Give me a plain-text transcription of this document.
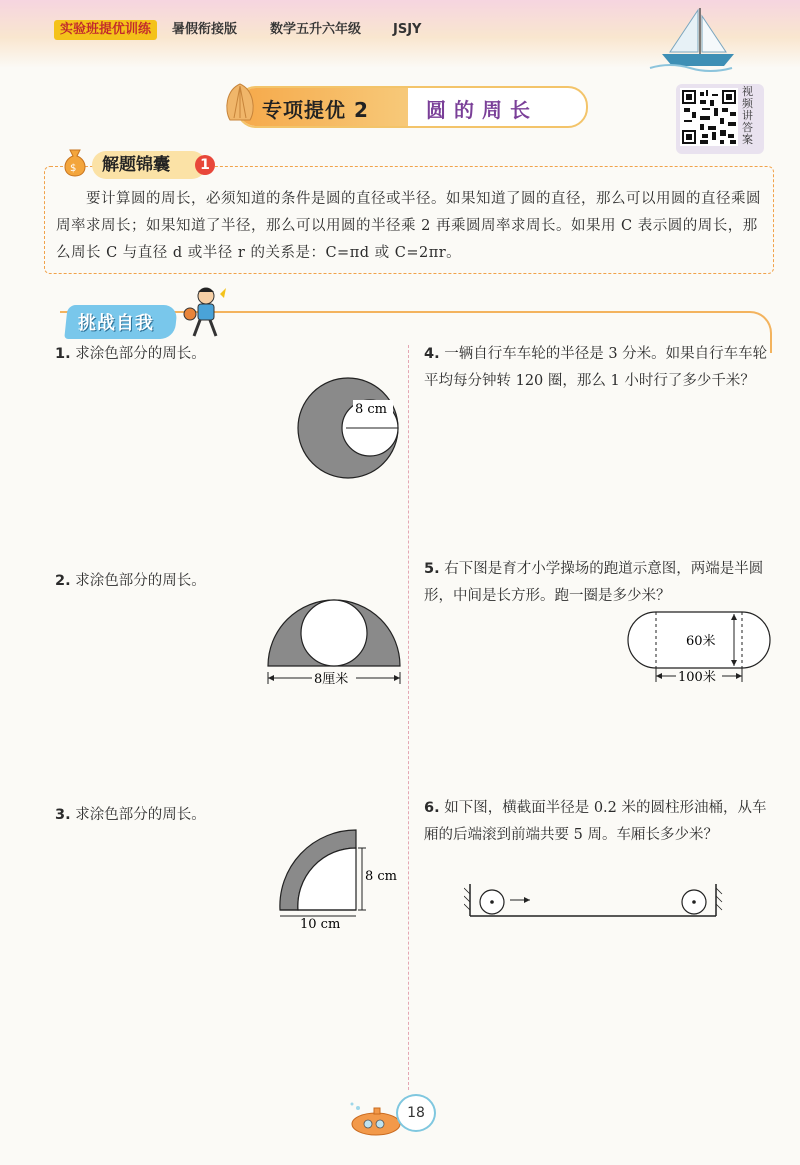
实验班提优训练	暑假衔接版	数学五升六年级 JSJY
专项提优 2	圆的周长
视频讲答案
$	解题锦囊	1
要计算圆的周长，必须知道的条件是圆的直径或半径。如果知道了圆的直径，那么可以用圆的直径乘圆周率求周长；如果知道了半径，那么可以用圆的半径乘 2 再乘圆周率求周长。如果用 C 表示圆的周长，那么周长 C 与直径 d 或半径 r 的关系是：C=πd 或 C=2πr。
挑战自我
1. 求涂色部分的周长。
8 cm
2. 求涂色部分的周长。
8厘米
3. 求涂色部分的周长。
8 cm
10 cm
4. 一辆自行车车轮的半径是 3 分米。如果自行车车轮平均每分钟转 120 圈，那么 1 小时行了多少千米？
5. 右下图是育才小学操场的跑道示意图，两端是半圆形，中间是长方形。跑一圈是多少米？
60米
100米
6. 如下图，横截面半径是 0.2 米的圆柱形油桶，从车厢的后端滚到前端共要 5 周。车厢长多少米？
18
